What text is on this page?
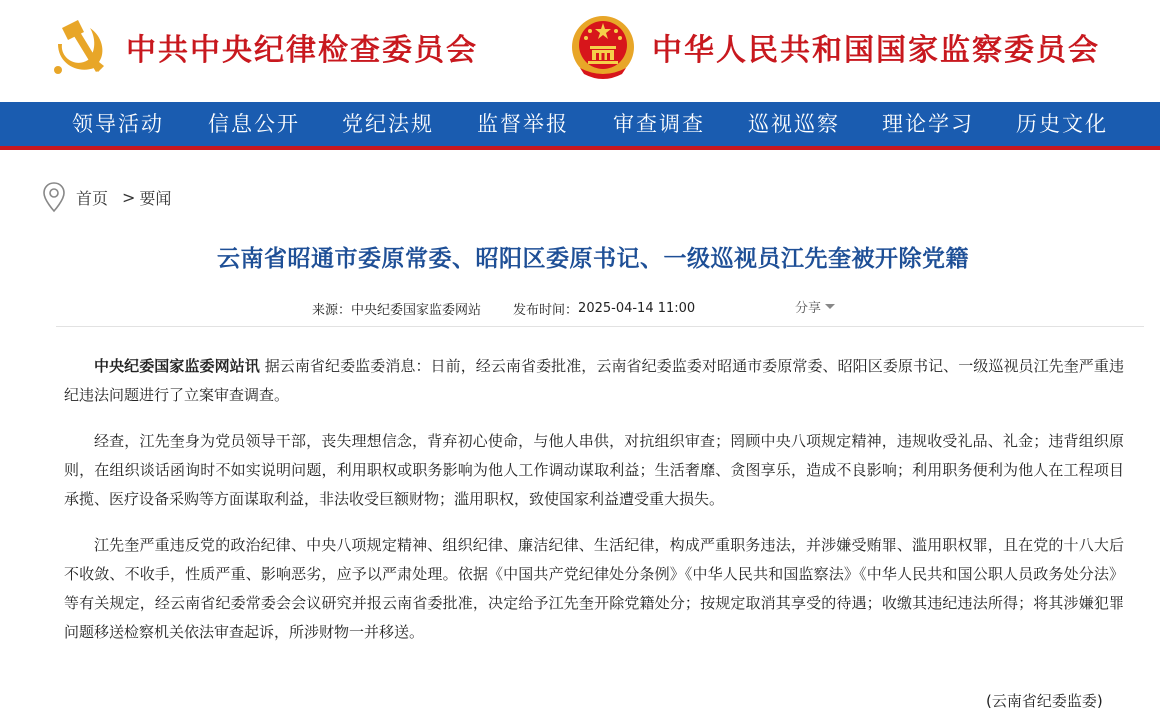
中共中央纪律检查委员会	中华人民共和国国家监察委员会
领导活动 信息公开 党纪法规 监督举报 审查调查 巡视巡察 理论学习 历史文化
首页 > 要闻
云南省昭通市委原常委、昭阳区委原书记、一级巡视员江先奎被开除党籍
来源： 中央纪委国家监委网站 发布时间： 2025-04-14 11:00	分享

中央纪委国家监委网站讯 据云南省纪委监委消息：日前，经云南省委批准，云南省纪委监委对昭通市委原常委、昭阳区委原书记、一级巡视员江先奎严重违纪违法问题进行了立案审查调查。

经查，江先奎身为党员领导干部，丧失理想信念，背弃初心使命，与他人串供，对抗组织审查；罔顾中央八项规定精神，违规收受礼品、礼金；违背组织原则，在组织谈话函询时不如实说明问题，利用职权或职务影响为他人工作调动谋取利益；生活奢靡、贪图享乐，造成不良影响；利用职务便利为他人在工程项目承揽、医疗设备采购等方面谋取利益，非法收受巨额财物；滥用职权，致使国家利益遭受重大损失。

江先奎严重违反党的政治纪律、中央八项规定精神、组织纪律、廉洁纪律、生活纪律，构成严重职务违法，并涉嫌受贿罪、滥用职权罪，且在党的十八大后不收敛、不收手，性质严重、影响恶劣，应予以严肃处理。依据《中国共产党纪律处分条例》《中华人民共和国监察法》《中华人民共和国公职人员政务处分法》等有关规定，经云南省纪委常委会会议研究并报云南省委批准，决定给予江先奎开除党籍处分；按规定取消其享受的待遇；收缴其违纪违法所得；将其涉嫌犯罪问题移送检察机关依法审查起诉，所涉财物一并移送。

(云南省纪委监委)
